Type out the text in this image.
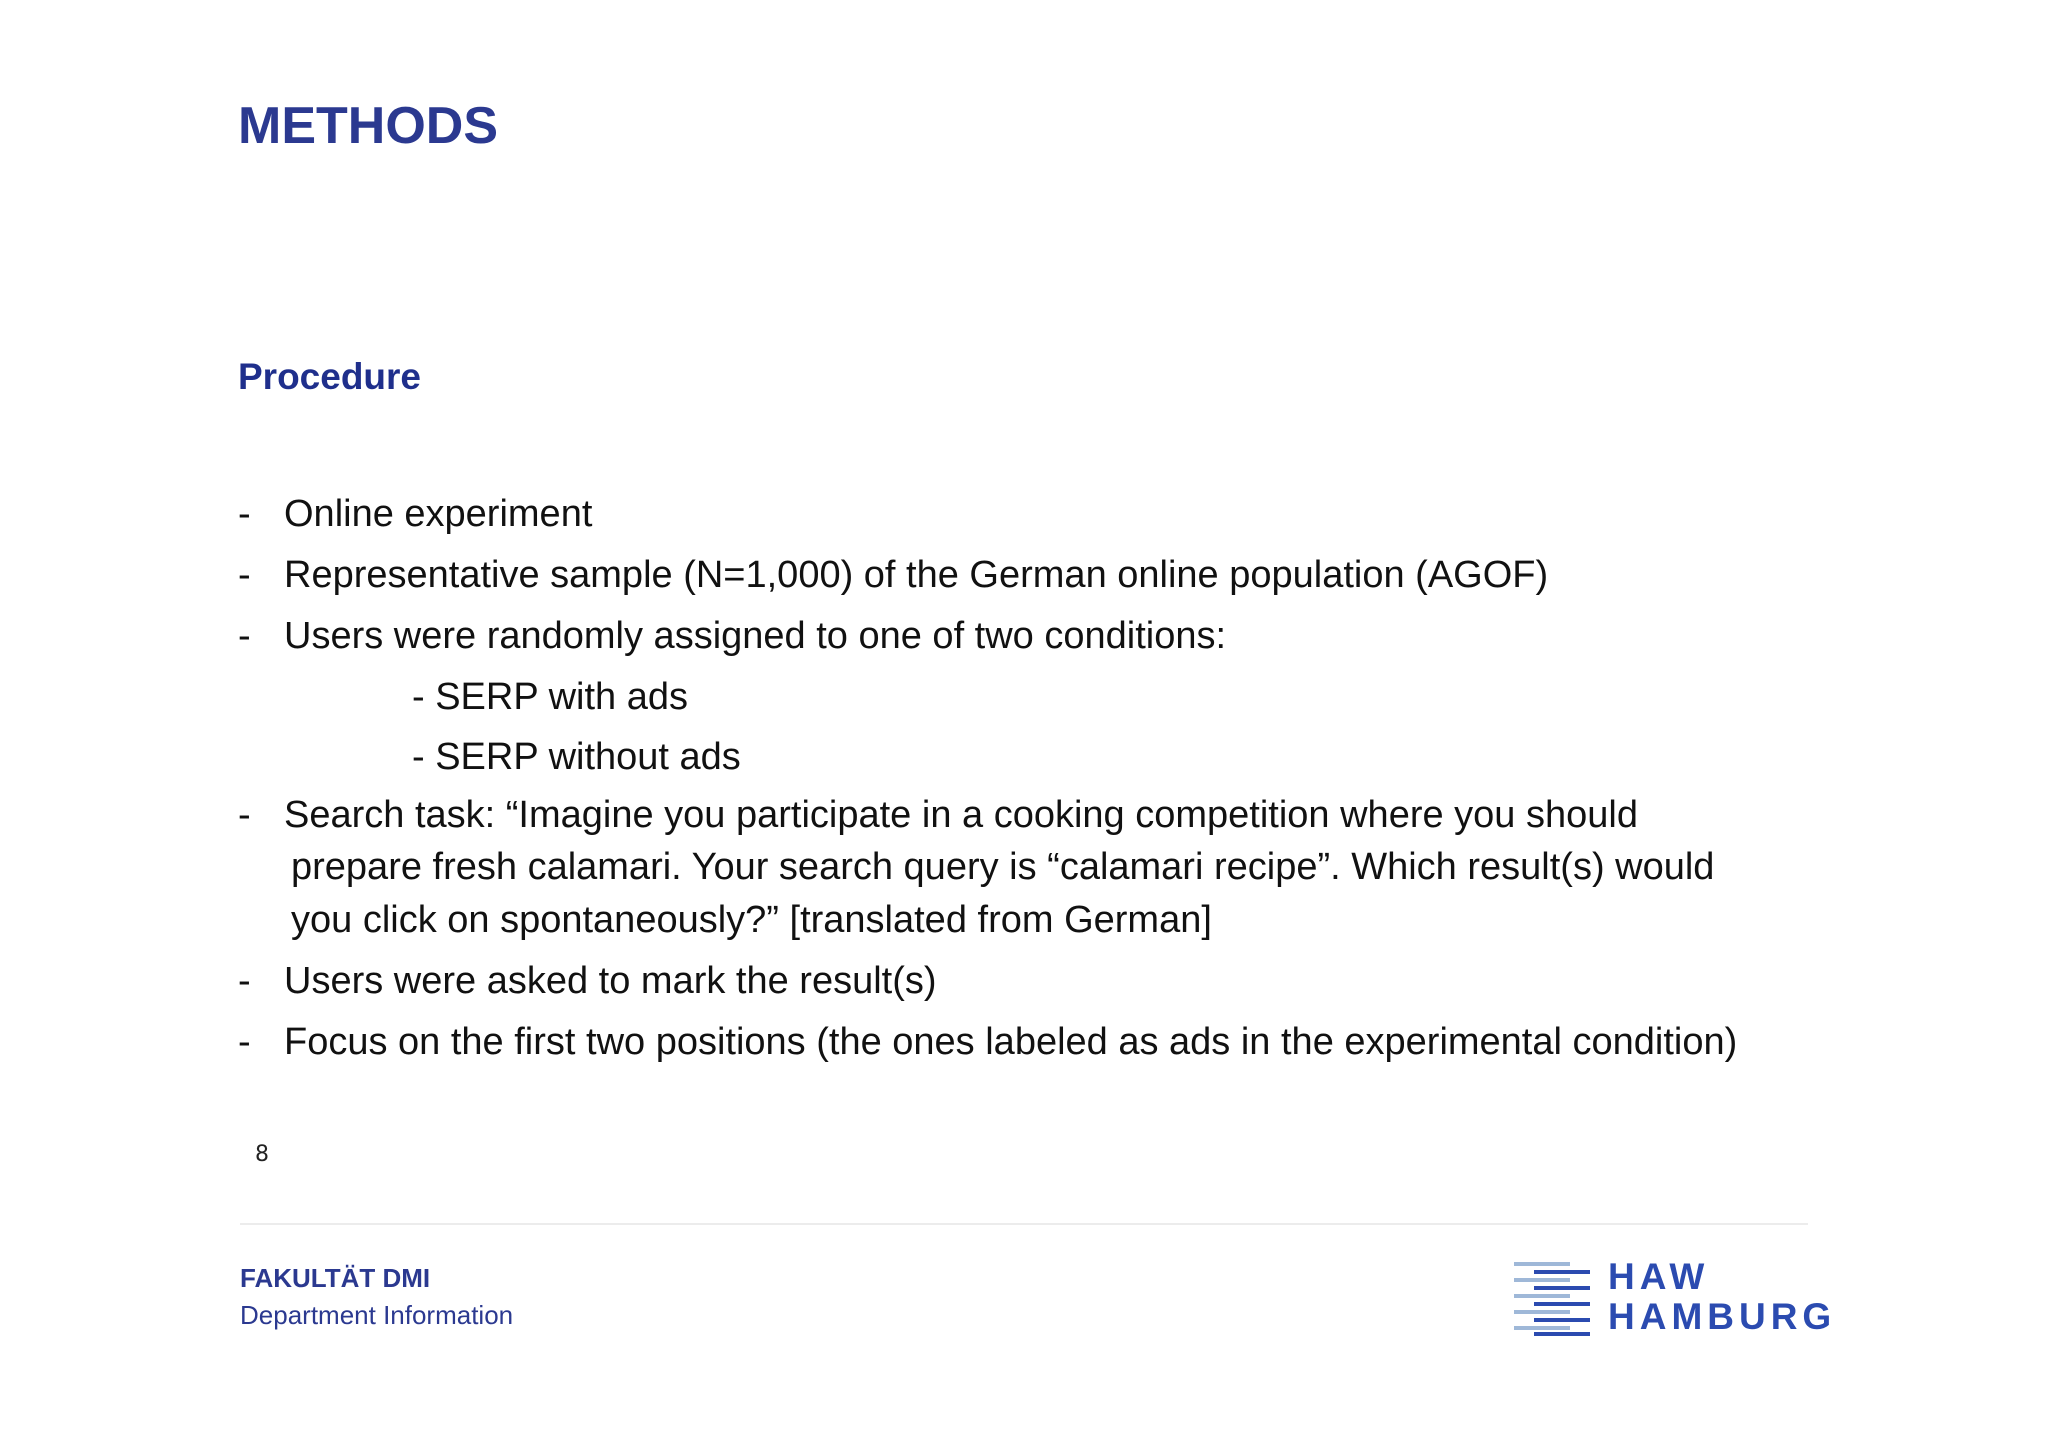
METHODS
Procedure
- Online experiment
- Representative sample (N=1,000) of the German online population (AGOF)
- Users were randomly assigned to one of two conditions:
- SERP with ads
- SERP without ads
- Search task: “Imagine you participate in a cooking competition where you should
prepare fresh calamari. Your search query is “calamari recipe”. Which result(s) would
you click on spontaneously?” [translated from German]
- Users were asked to mark the result(s)
- Focus on the first two positions (the ones labeled as ads in the experimental condition)
8
FAKULTÄT DMI
Department Information
HAW
HAMBURG
